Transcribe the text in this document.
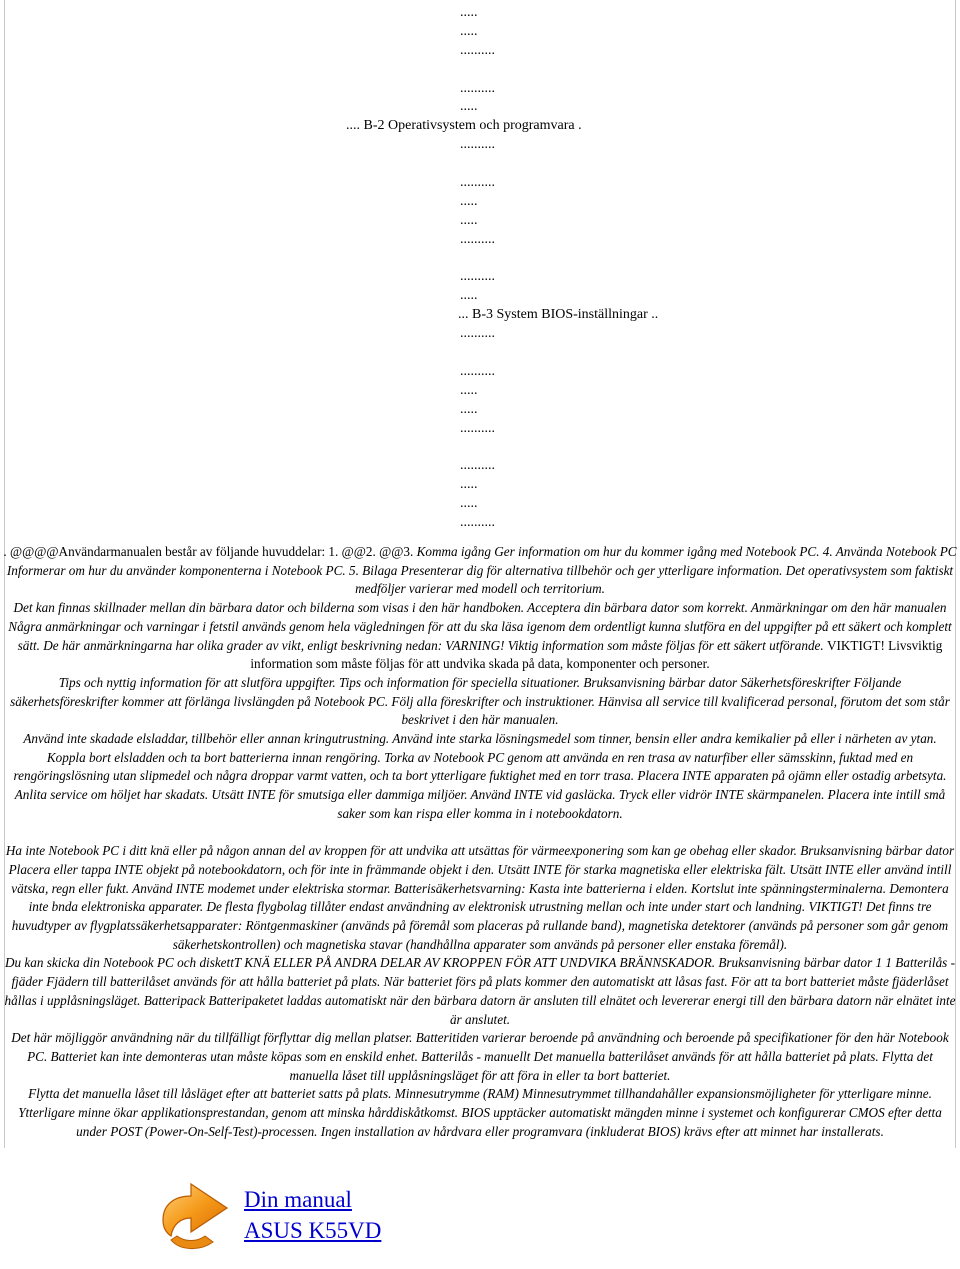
.....
.....
..........
..........
.....
.... B-2 Operativsystem och programvara .
..........
..........
.....
.....
..........
..........
.....
... B-3 System BIOS-inställningar ..
..........
..........
.....
.....
..........
..........
.....
.....
..........

. @@@@Användarmanualen består av följande huvuddelar: 1. @@2. @@3. Komma igång Ger information om hur du kommer igång med Notebook PC. 4. Använda Notebook PC Informerar om hur du använder komponenterna i Notebook PC. 5. Bilaga Presenterar dig för alternativa tillbehör och ger ytterligare information. Det operativsystem som faktiskt medföljer varierar med modell och territorium.

Det kan finnas skillnader mellan din bärbara dator och bilderna som visas i den här handboken. Acceptera din bärbara dator som korrekt. Anmärkningar om den här manualen Några anmärkningar och varningar i fetstil används genom hela vägledningen för att du ska läsa igenom dem ordentligt kunna slutföra en del uppgifter på ett säkert och komplett sätt. De här anmärkningarna har olika grader av vikt, enligt beskrivning nedan: VARNING! Viktig information som måste följas för ett säkert utförande. VIKTIGT! Livsviktig information som måste följas för att undvika skada på data, komponenter och personer.

Tips och nyttig information för att slutföra uppgifter. Tips och information för speciella situationer. Bruksanvisning bärbar dator Säkerhetsföreskrifter Följande säkerhetsföreskrifter kommer att förlänga livslängden på Notebook PC. Följ alla föreskrifter och instruktioner. Hänvisa all service till kvalificerad personal, förutom det som står beskrivet i den här manualen.

Använd inte skadade elsladdar, tillbehör eller annan kringutrustning. Använd inte starka lösningsmedel som tinner, bensin eller andra kemikalier på eller i närheten av ytan. Koppla bort elsladden och ta bort batterierna innan rengöring. Torka av Notebook PC genom att använda en ren trasa av naturfiber eller sämsskinn, fuktad med en rengöringslösning utan slipmedel och några droppar varmt vatten, och ta bort ytterligare fuktighet med en torr trasa. Placera INTE apparaten på ojämn eller ostadig arbetsyta. Anlita service om höljet har skadats. Utsätt INTE för smutsiga eller dammiga miljöer. Använd INTE vid gasläcka. Tryck eller vidrör INTE skärmpanelen. Placera inte intill små saker som kan rispa eller komma in i notebookdatorn.

Ha inte Notebook PC i ditt knä eller på någon annan del av kroppen för att undvika att utsättas för värmeexponering som kan ge obehag eller skador. Bruksanvisning bärbar dator Placera eller tappa INTE objekt på notebookdatorn, och för inte in främmande objekt i den. Utsätt INTE för starka magnetiska eller elektriska fält. Utsätt INTE eller använd intill vätska, regn eller fukt. Använd INTE modemet under elektriska stormar. Batterisäkerhetsvarning: Kasta inte batterierna i elden. Kortslut inte spänningsterminalerna. Demontera inte bnda elektroniska apparater. De flesta flygbolag tillåter endast användning av elektronisk utrustning mellan och inte under start och landning. VIKTIGT! Det finns tre huvudtyper av flygplatssäkerhetsapparater: Röntgenmaskiner (används på föremål som placeras på rullande band), magnetiska detektorer (används på personer som går genom säkerhetskontrollen) och magnetiska stavar (handhållna apparater som används på personer eller enstaka föremål).

Du kan skicka din Notebook PC och diskettT KNÄ ELLER PÅ ANDRA DELAR AV KROPPEN FÖR ATT UNDVIKA BRÄNNSKADOR. Bruksanvisning bärbar dator 1 1 Batterilås - fjäder Fjädern till batterilåset används för att hålla batteriet på plats. När batteriet förs på plats kommer den automatiskt att låsas fast. För att ta bort batteriet måste fjäderlåset hållas i upplåsningsläget. Batteripack Batteripaketet laddas automatiskt när den bärbara datorn är ansluten till elnätet och levererar energi till den bärbara datorn när elnätet inte är anslutet.

Det här möjliggör användning när du tillfälligt förflyttar dig mellan platser. Batteritiden varierar beroende på användning och beroende på specifikationer för den här Notebook PC. Batteriet kan inte demonteras utan måste köpas som en enskild enhet. Batterilås - manuellt Det manuella batterilåset används för att hålla batteriet på plats. Flytta det manuella låset till upplåsningsläget för att föra in eller ta bort batteriet.

Flytta det manuella låset till låsläget efter att batteriet satts på plats. Minnesutrymme (RAM) Minnesutrymmet tillhandahåller expansionsmöjligheter för ytterligare minne. Ytterligare minne ökar applikationsprestandan, genom att minska hårddiskåtkomst. BIOS upptäcker automatiskt mängden minne i systemet och konfigurerar CMOS efter detta under POST (Power-On-Self-Test)-processen. Ingen installation av hårdvara eller programvara (inkluderat BIOS) krävs efter att minnet har installerats.

Din manual
ASUS K55VD
